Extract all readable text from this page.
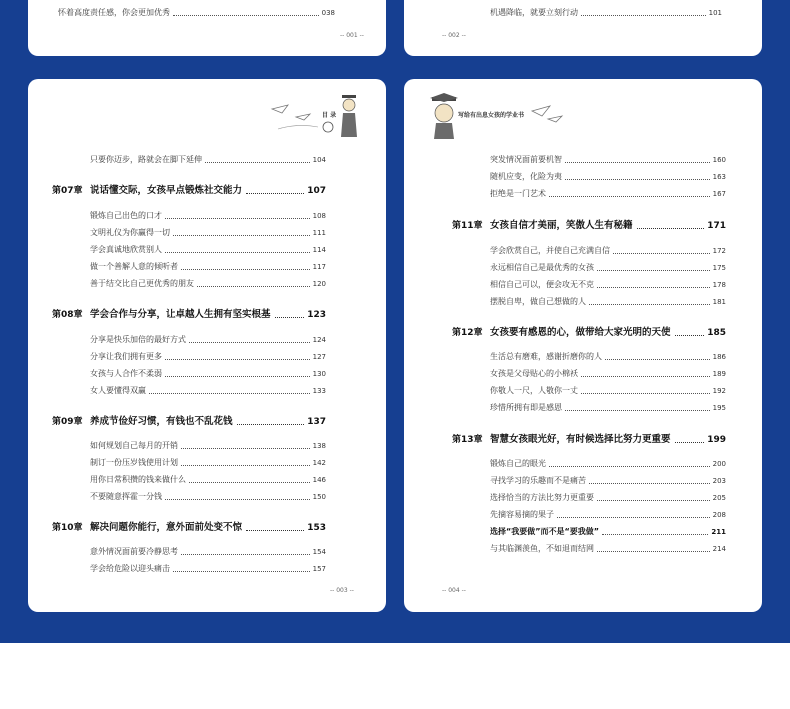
怀着高度责任感，你会更加优秀	038
-- 001 --
机遇降临，就要立刻行动	101
-- 002 --
目 录
只要你迈步，路就会在脚下延伸	104
第07章 说话懂交际，女孩早点锻炼社交能力	107
锻炼自己出色的口才	108
文明礼仪为你赢得一切	111
学会真诚地欣赏别人	114
做一个善解人意的倾听者	117
善于结交比自己更优秀的朋友	120
第08章 学会合作与分享，让卓越人生拥有坚实根基	123
分享是快乐加倍的最好方式	124
分享让我们拥有更多	127
女孩与人合作不柔弱	130
女人要懂得双赢	133
第09章 养成节俭好习惯，有钱也不乱花钱	137
如何规划自己每月的开销	138
制订一份压岁钱使用计划	142
用你日常积攒的钱来做什么	146
不要随意挥霍一分钱	150
第10章 解决问题你能行，意外面前处变不惊	153
意外情况面前要冷静思考	154
学会给危险以迎头痛击	157
-- 003 --
写给有出息女孩的学业书
突发情况面前要机智	160
随机应变，化险为夷	163
拒绝是一门艺术	167
第11章 女孩自信才美丽，笑傲人生有秘籍	171
学会欣赏自己，并使自己充满自信	172
永远相信自己是最优秀的女孩	175
相信自己可以，便会攻无不克	178
摆脱自卑，做自己想做的人	181
第12章 女孩要有感恩的心，做带给大家光明的天使	185
生活总有磨难，感谢折磨你的人	186
女孩是父母贴心的小棉袄	189
你敬人一尺，人敬你一丈	192
珍惜所拥有即是感恩	195
第13章 智慧女孩眼光好，有时候选择比努力更重要	199
锻炼自己的眼光	200
寻找学习的乐趣而不是痛苦	203
选择恰当的方法比努力更重要	205
先摘容易摘的果子	208
选择“我要做”而不是“要我做”	211
与其临渊羡鱼，不如退而结网	214
-- 004 --
